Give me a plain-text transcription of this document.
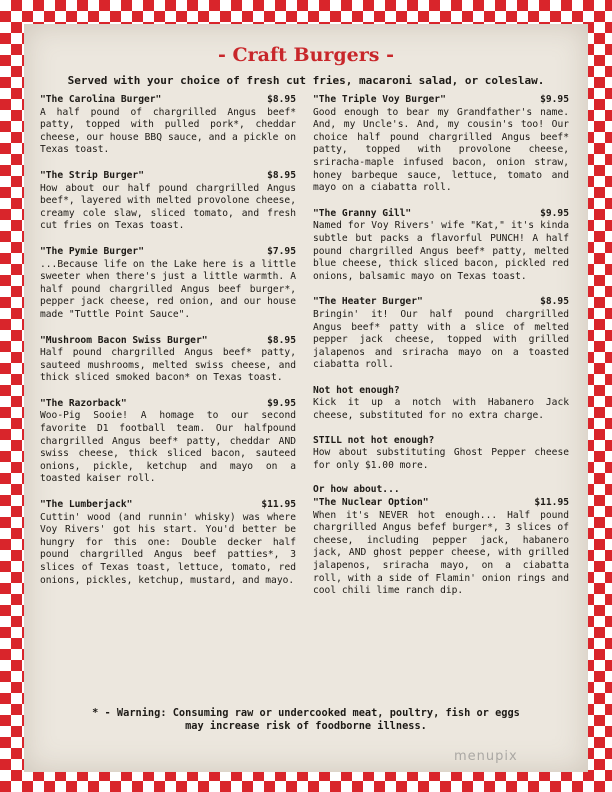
- Craft Burgers -
Served with your choice of fresh cut fries, macaroni salad, or coleslaw.
"The Carolina Burger"	$8.95
A half pound of chargrilled Angus beef* patty, topped with pulled pork*, cheddar cheese, our house BBQ sauce, and a pickle on Texas toast.
"The Strip Burger"	$8.95
How about our half pound chargrilled Angus beef*, layered with melted provolone cheese, creamy cole slaw, sliced tomato, and fresh cut fries on Texas toast.
"The Pymie Burger"	$7.95
...Because life on the Lake here is a little sweeter when there's just a little warmth. A half pound chargrilled Angus beef burger*, pepper jack cheese, red onion, and our house made "Tuttle Point Sauce".
"Mushroom Bacon Swiss Burger"	$8.95
Half pound chargrilled Angus beef* patty, sauteed mushrooms, melted swiss cheese, and thick sliced smoked bacon* on Texas toast.
"The Razorback"	$9.95
Woo-Pig Sooie! A homage to our second favorite D1 football team. Our halfpound chargrilled Angus beef* patty, cheddar AND swiss cheese, thick sliced bacon, sauteed onions, pickle, ketchup and mayo on a toasted kaiser roll.
"The Lumberjack"	$11.95
Cuttin' wood (and runnin' whisky) was where Voy Rivers' got his start. You'd better be hungry for this one: Double decker half pound chargrilled Angus beef patties*, 3 slices of Texas toast, lettuce, tomato, red onions, pickles, ketchup, mustard, and mayo.
"The Triple Voy Burger"	$9.95
Good enough to bear my Grandfather's name. And, my Uncle's. And, my cousin's too! Our choice half pound chargrilled Angus beef* patty, topped with provolone cheese, sriracha-maple infused bacon, onion straw, honey barbeque sauce, lettuce, tomato and mayo on a ciabatta roll.
"The Granny Gill"	$9.95
Named for Voy Rivers' wife "Kat," it's kinda subtle but packs a flavorful PUNCH! A half pound chargrilled Angus beef* patty, melted blue cheese, thick sliced bacon, pickled red onions, balsamic mayo on Texas toast.
"The Heater Burger"	$8.95
Bringin' it! Our half pound chargrilled Angus beef* patty with a slice of melted pepper jack cheese, topped with grilled jalapenos and sriracha mayo on a toasted ciabatta roll.
Not hot enough?
Kick it up a notch with Habanero Jack cheese, substituted for no extra charge.
STILL not hot enough?
How about substituting Ghost Pepper cheese for only $1.00 more.
Or how about...
"The Nuclear Option"	$11.95
When it's NEVER hot enough... Half pound chargrilled Angus befef burger*, 3 slices of cheese, including pepper jack, habanero jack, AND ghost pepper cheese, with grilled jalapenos, sriracha mayo, on a ciabatta roll, with a side of Flamin' onion rings and cool chili lime ranch dip.
* - Warning: Consuming raw or undercooked meat, poultry, fish or eggs
may increase risk of foodborne illness.
menupix
